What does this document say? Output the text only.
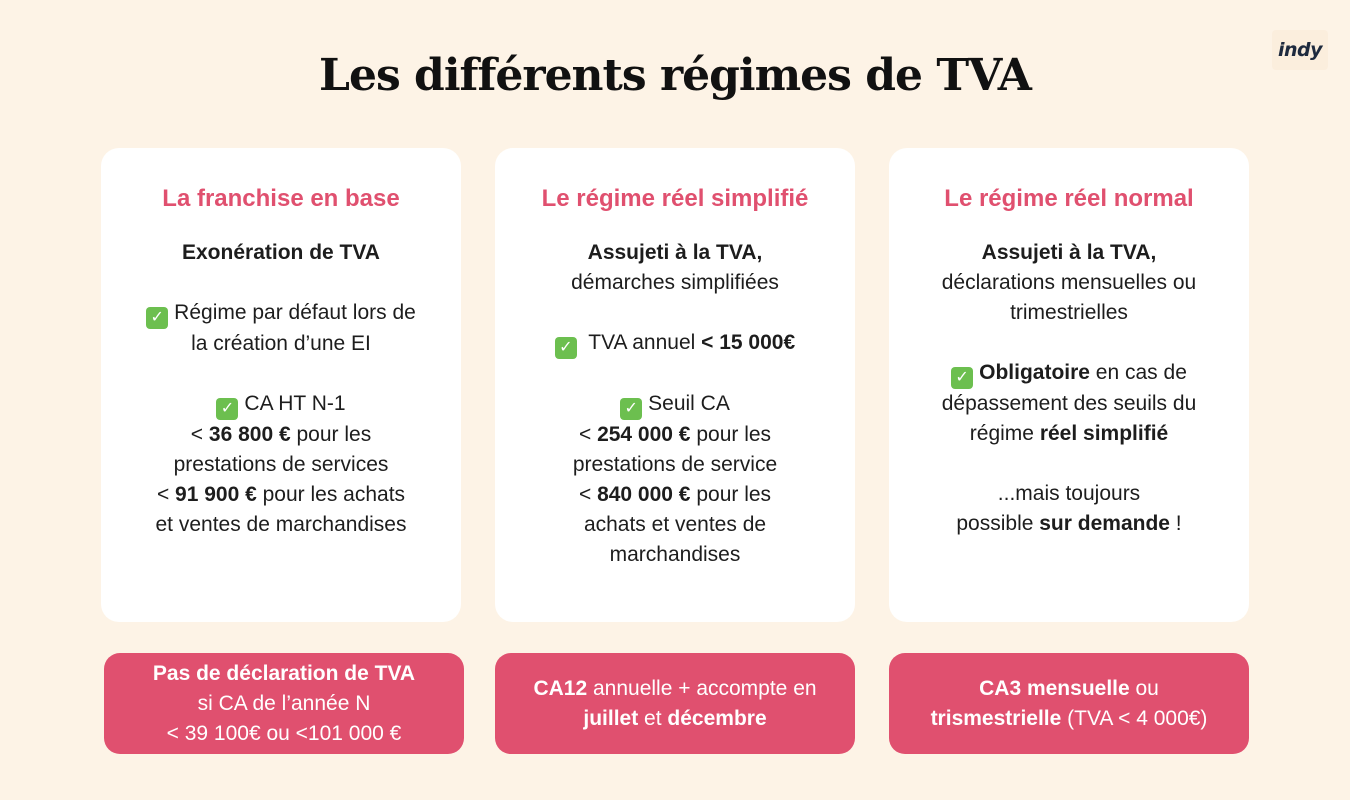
Les différents régimes de TVA	indy
La franchise en base

Exonération de TVA

✓ Régime par défaut lors de

la création d’une EI

✓ CA HT N-1

< 36 800 € pour les

prestations de services

< 91 900 € pour les achats

et ventes de marchandises

Le régime réel simplifié

Assujeti à la TVA,

démarches simplifiées

✓ TVA annuel < 15 000€

✓ Seuil CA

< 254 000 € pour les

prestations de service

< 840 000 € pour les

achats et ventes de

marchandises

Le régime réel normal

Assujeti à la TVA,

déclarations mensuelles ou

trimestrielles

✓ Obligatoire en cas de

dépassement des seuils du

régime réel simplifié

...mais toujours

possible sur demande !

Pas de déclaration de TVA

si CA de l’année N

< 39 100€ ou <101 000 €

CA12 annuelle + accompte en

juillet et décembre

CA3 mensuelle ou

trismestrielle (TVA < 4 000€)
